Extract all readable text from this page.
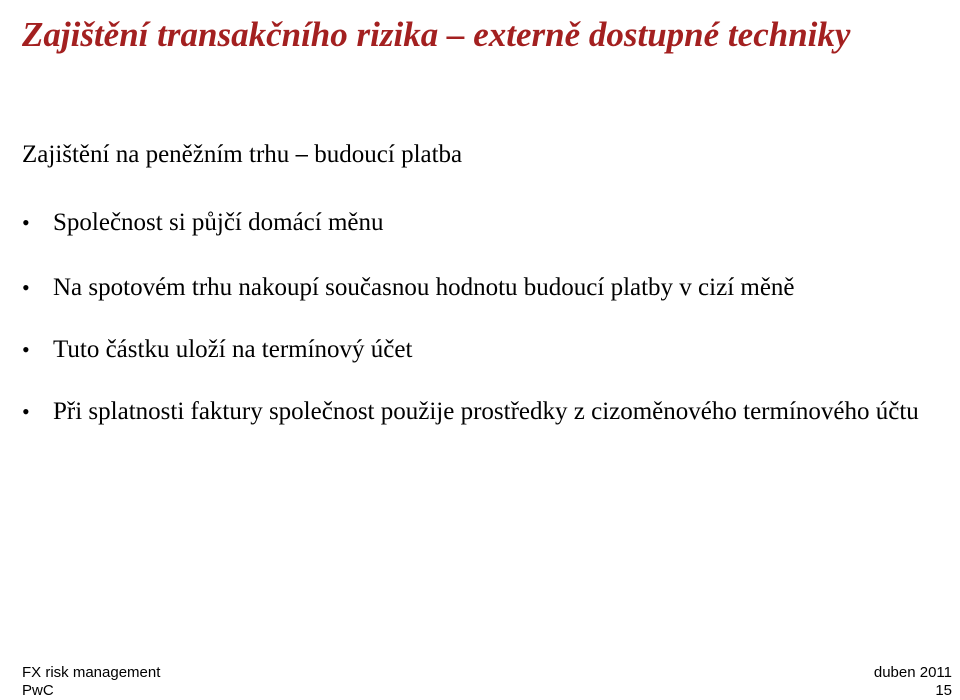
Zajištění transakčního rizika – externě dostupné techniky
Zajištění na peněžním trhu ⎯ budoucí platba
• Společnost si půjčí domácí měnu
• Na spotovém trhu nakoupí současnou hodnotu budoucí platby v cizí měně
• Tuto částku uloží na termínový účet
• Při splatnosti faktury společnost použije prostředky z cizoměnového termínového účtu
FX risk management
PwC
duben 2011
15
